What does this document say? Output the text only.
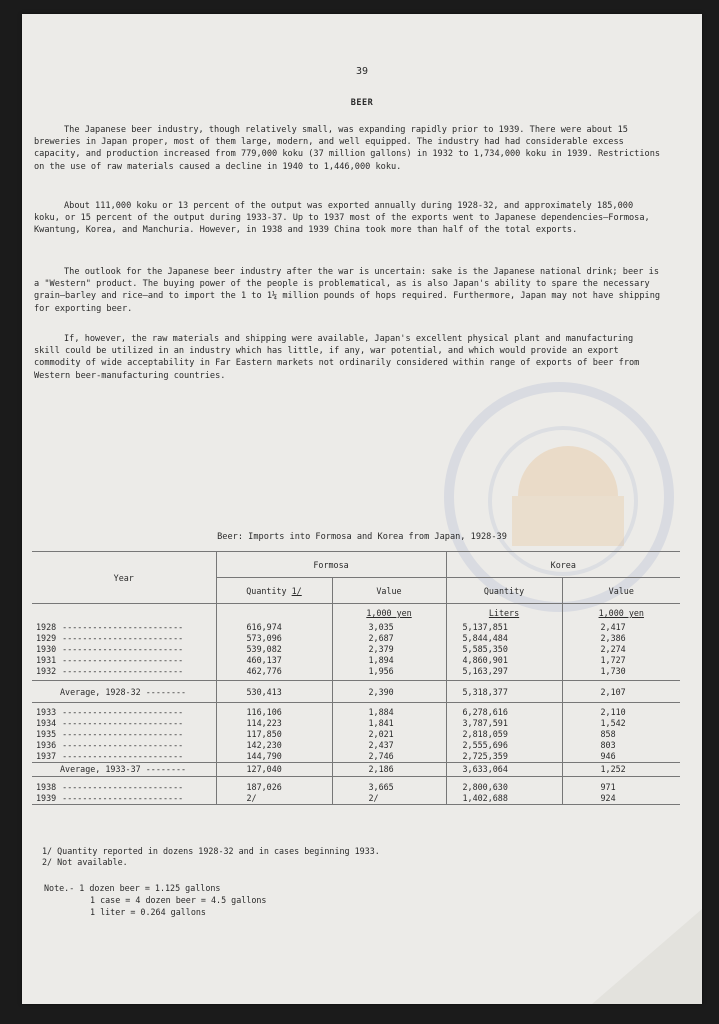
39
BEER

The Japanese beer industry, though relatively small, was expanding rapidly prior to 1939. There were about 15 breweries in Japan proper, most of them large, modern, and well equipped. The industry had had considerable excess capacity, and production increased from 779,000 koku (37 million gallons) in 1932 to 1,734,000 koku in 1939. Restrictions on the use of raw materials caused a decline in 1940 to 1,446,000 koku.

About 111,000 koku or 13 percent of the output was exported annually during 1928-32, and approximately 185,000 koku, or 15 percent of the output during 1933-37. Up to 1937 most of the exports went to Japanese dependencies—Formosa, Kwantung, Korea, and Manchuria. However, in 1938 and 1939 China took more than half of the total exports.

The outlook for the Japanese beer industry after the war is uncertain: sake is the Japanese national drink; beer is a "Western" product. The buying power of the people is problematical, as is also Japan's ability to spare the necessary grain—barley and rice—and to import the 1 to 1¼ million pounds of hops required. Furthermore, Japan may not have shipping for exporting beer.

If, however, the raw materials and shipping were available, Japan's excellent physical plant and manufacturing skill could be utilized in an industry which has little, if any, war potential, and which would provide an export commodity of wide acceptability in Far Eastern markets not ordinarily considered within range of exports of beer from Western beer-manufacturing countries.

Beer: Imports into Formosa and Korea from Japan, 1928-39
Year	Formosa		Korea	
	Quantity 1/	Value	Quantity	Value
		1,000 yen	Liters	1,000 yen
1928 ------------------------	616,974	3,035	5,137,851	2,417
1929 ------------------------	573,096	2,687	5,844,484	2,386
1930 ------------------------	539,082	2,379	5,585,350	2,274
1931 ------------------------	460,137	1,894	4,860,901	1,727
1932 ------------------------	462,776	1,956	5,163,297	1,730

Average, 1928-32 --------	530,413	2,390	5,318,377	2,107

1933 ------------------------	116,106	1,884	6,278,616	2,110
1934 ------------------------	114,223	1,841	3,787,591	1,542
1935 ------------------------	117,850	2,021	2,818,059	858
1936 ------------------------	142,230	2,437	2,555,696	803
1937 ------------------------	144,790	2,746	2,725,359	946
Average, 1933-37 --------	127,040	2,186	3,633,064	1,252

1938 ------------------------	187,026	3,665	2,800,630	971
1939 ------------------------	2/	2/	1,402,688	924
1/ Quantity reported in dozens 1928-32 and in cases beginning 1933.
2/ Not available.
Note.- 1 dozen beer = 1.125 gallons
1 case = 4 dozen beer = 4.5 gallons
1 liter = 0.264 gallons
